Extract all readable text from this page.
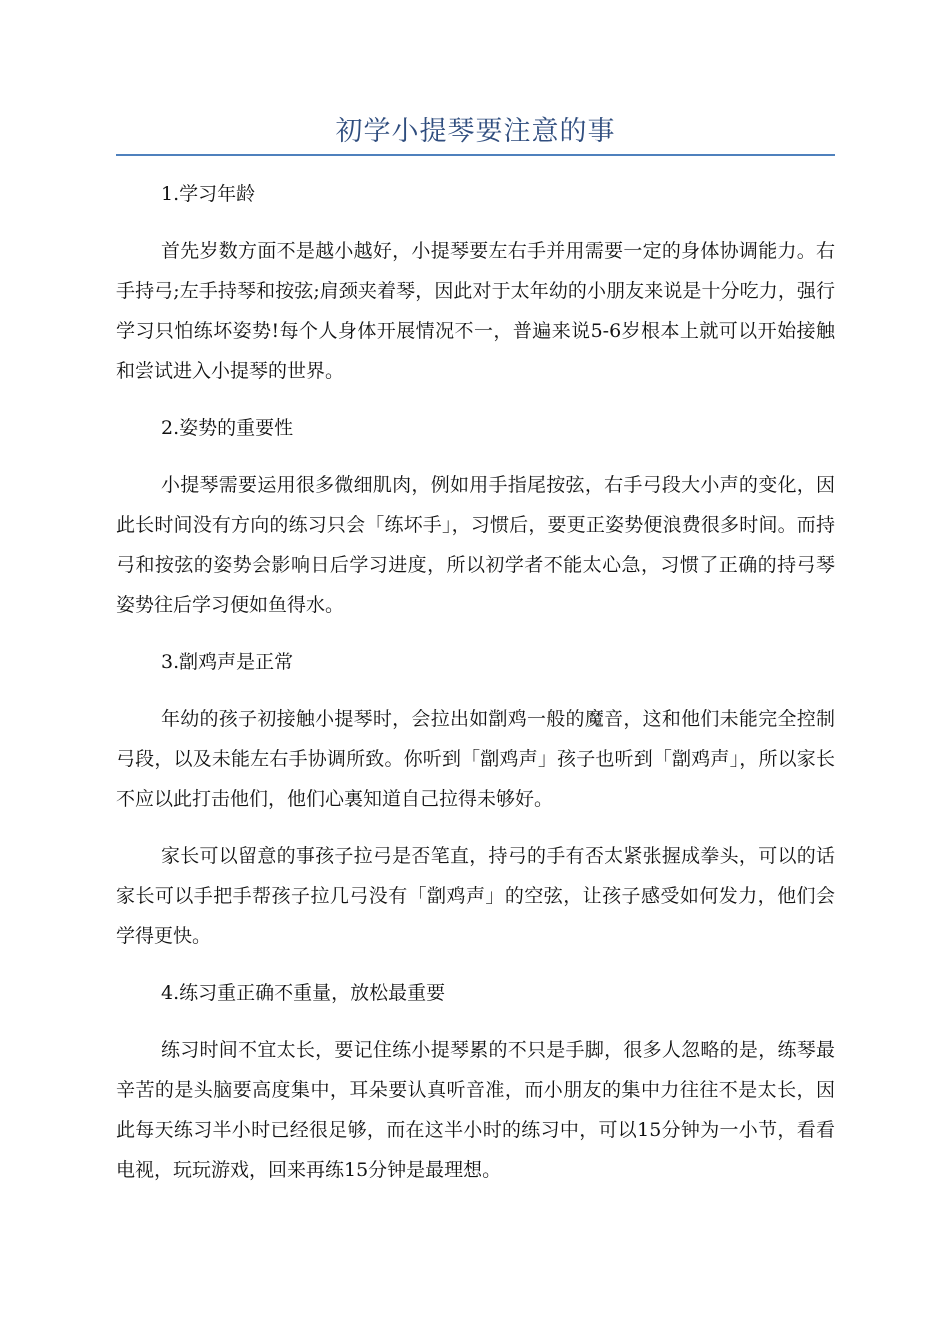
初学小提琴要注意的事

1.学习年龄

首先岁数方面不是越小越好，小提琴要左右手并用需要一定的身体协调能力。右手持弓;左手持琴和按弦;肩颈夹着琴，因此对于太年幼的小朋友来说是十分吃力，强行学习只怕练坏姿势!每个人身体开展情况不一，普遍来说5-6岁根本上就可以开始接触和尝试进入小提琴的世界。

2.姿势的重要性

小提琴需要运用很多微细肌肉，例如用手指尾按弦，右手弓段大小声的变化，因此长时间没有方向的练习只会「练坏手」，习惯后，要更正姿势便浪费很多时间。而持弓和按弦的姿势会影响日后学习进度，所以初学者不能太心急，习惯了正确的持弓琴姿势往后学习便如鱼得水。

3.劏鸡声是正常

年幼的孩子初接触小提琴时，会拉出如劏鸡一般的魔音，这和他们未能完全控制弓段，以及未能左右手协调所致。你听到「劏鸡声」孩子也听到「劏鸡声」，所以家长不应以此打击他们，他们心裏知道自己拉得未够好。

家长可以留意的事孩子拉弓是否笔直，持弓的手有否太紧张握成拳头，可以的话家长可以手把手帮孩子拉几弓没有「劏鸡声」的空弦，让孩子感受如何发力，他们会学得更快。

4.练习重正确不重量，放松最重要

练习时间不宜太长，要记住练小提琴累的不只是手脚，很多人忽略的是，练琴最辛苦的是头脑要高度集中，耳朵要认真听音准，而小朋友的集中力往往不是太长，因此每天练习半小时已经很足够，而在这半小时的练习中，可以15分钟为一小节，看看电视，玩玩游戏，回来再练15分钟是最理想。
